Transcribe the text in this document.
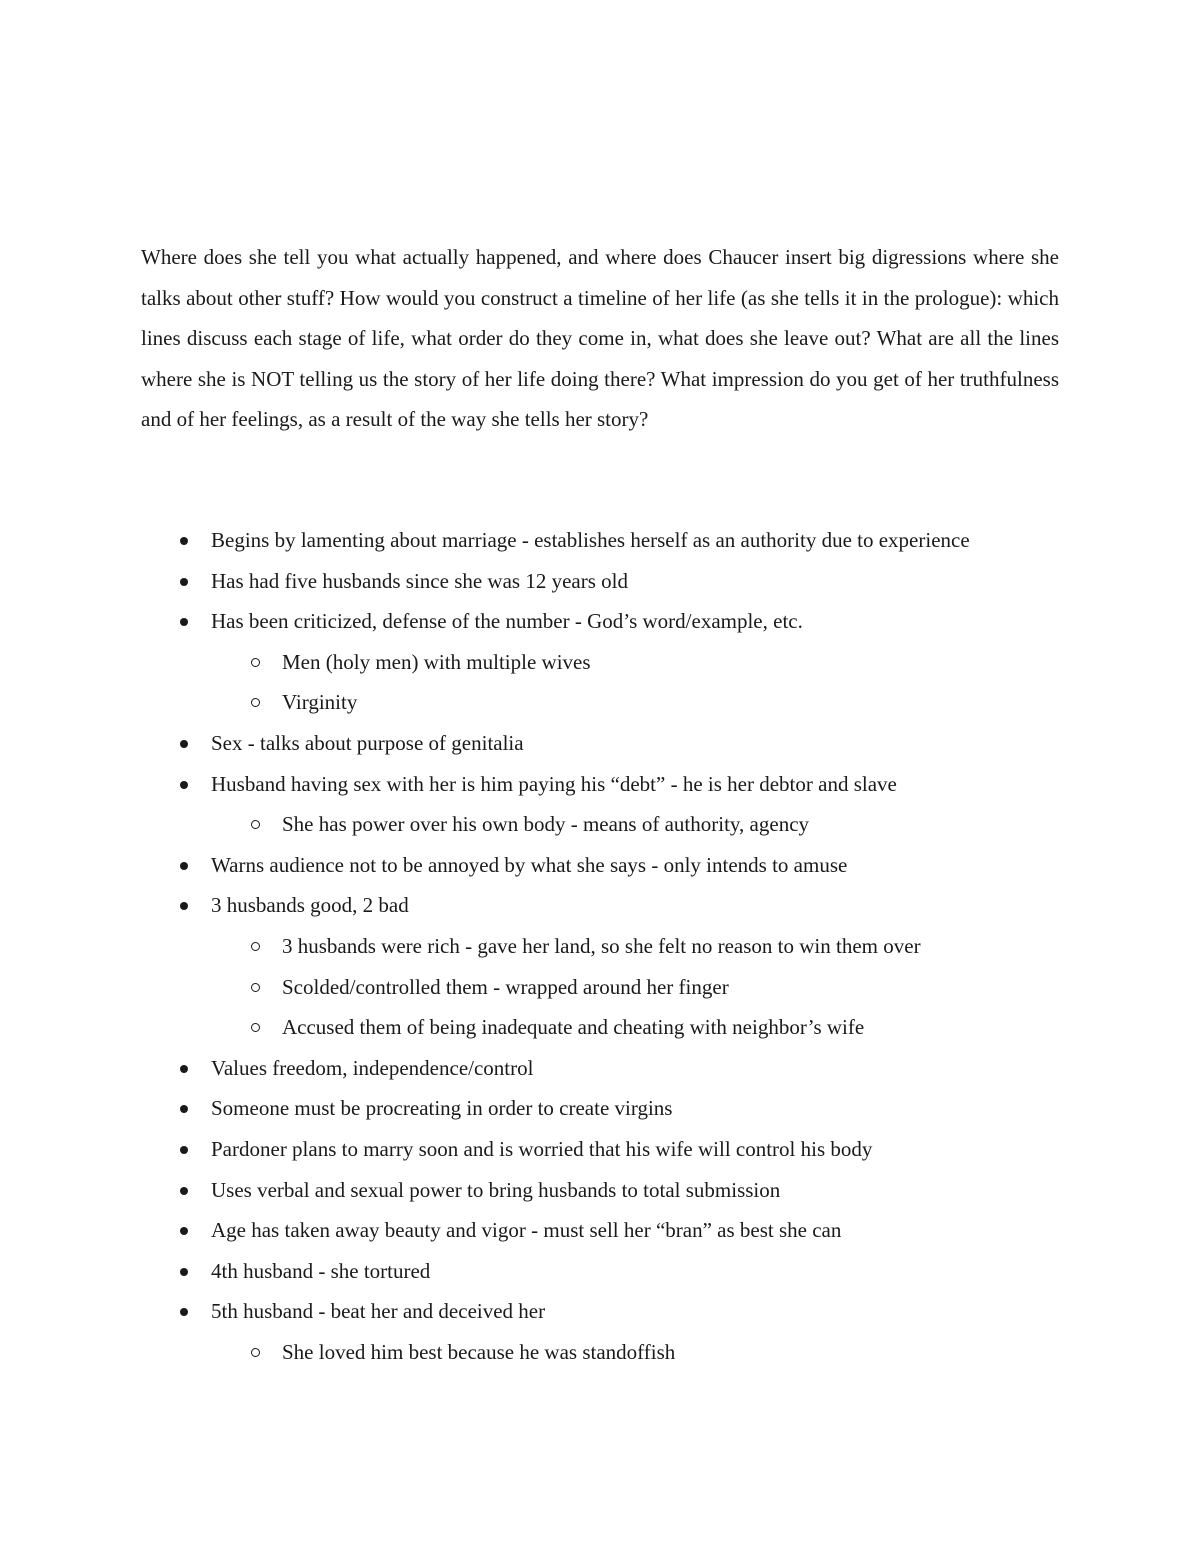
Where does she tell you what actually happened, and where does Chaucer insert big digressions where she talks about other stuff? How would you construct a timeline of her life (as she tells it in the prologue): which lines discuss each stage of life, what order do they come in, what does she leave out? What are all the lines where she is NOT telling us the story of her life doing there? What impression do you get of her truthfulness and of her feelings, as a result of the way she tells her story?

Begins by lamenting about marriage - establishes herself as an authority due to experience
Has had five husbands since she was 12 years old
Has been criticized, defense of the number - God’s word/example, etc.
Men (holy men) with multiple wives
Virginity
Sex - talks about purpose of genitalia
Husband having sex with her is him paying his “debt” - he is her debtor and slave
She has power over his own body - means of authority, agency
Warns audience not to be annoyed by what she says - only intends to amuse
3 husbands good, 2 bad
3 husbands were rich - gave her land, so she felt no reason to win them over
Scolded/controlled them - wrapped around her finger
Accused them of being inadequate and cheating with neighbor’s wife
Values freedom, independence/control
Someone must be procreating in order to create virgins
Pardoner plans to marry soon and is worried that his wife will control his body
Uses verbal and sexual power to bring husbands to total submission
Age has taken away beauty and vigor - must sell her “bran” as best she can
4th husband - she tortured
5th husband - beat her and deceived her
She loved him best because he was standoffish
